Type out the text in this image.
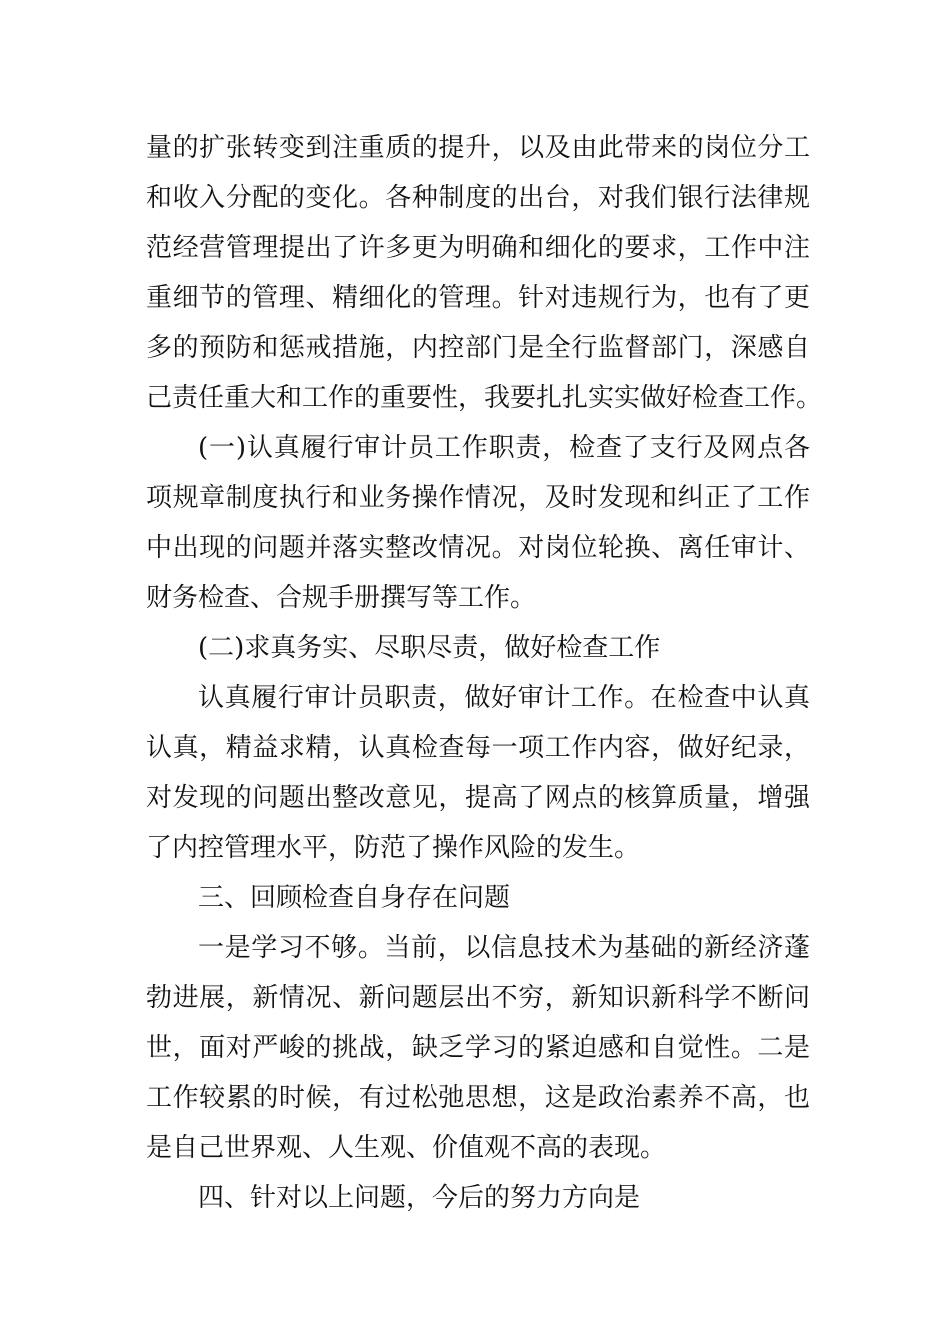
量的扩张转变到注重质的提升，以及由此带来的岗位分工
和收入分配的变化。各种制度的出台，对我们银行法律规
范经营管理提出了许多更为明确和细化的要求，工作中注
重细节的管理、精细化的管理。针对违规行为，也有了更
多的预防和惩戒措施，内控部门是全行监督部门，深感自
己责任重大和工作的重要性，我要扎扎实实做好检查工作。
(一)认真履行审计员工作职责，检查了支行及网点各
项规章制度执行和业务操作情况，及时发现和纠正了工作
中出现的问题并落实整改情况。对岗位轮换、离任审计、
财务检查、合规手册撰写等工作。
(二)求真务实、尽职尽责，做好检查工作
认真履行审计员职责，做好审计工作。在检查中认真
认真，精益求精，认真检查每一项工作内容，做好纪录，
对发现的问题出整改意见，提高了网点的核算质量，增强
了内控管理水平，防范了操作风险的发生。
三、回顾检查自身存在问题
一是学习不够。当前，以信息技术为基础的新经济蓬
勃进展，新情况、新问题层出不穷，新知识新科学不断问
世，面对严峻的挑战，缺乏学习的紧迫感和自觉性。二是
工作较累的时候，有过松弛思想，这是政治素养不高，也
是自己世界观、人生观、价值观不高的表现。
四、针对以上问题，今后的努力方向是
